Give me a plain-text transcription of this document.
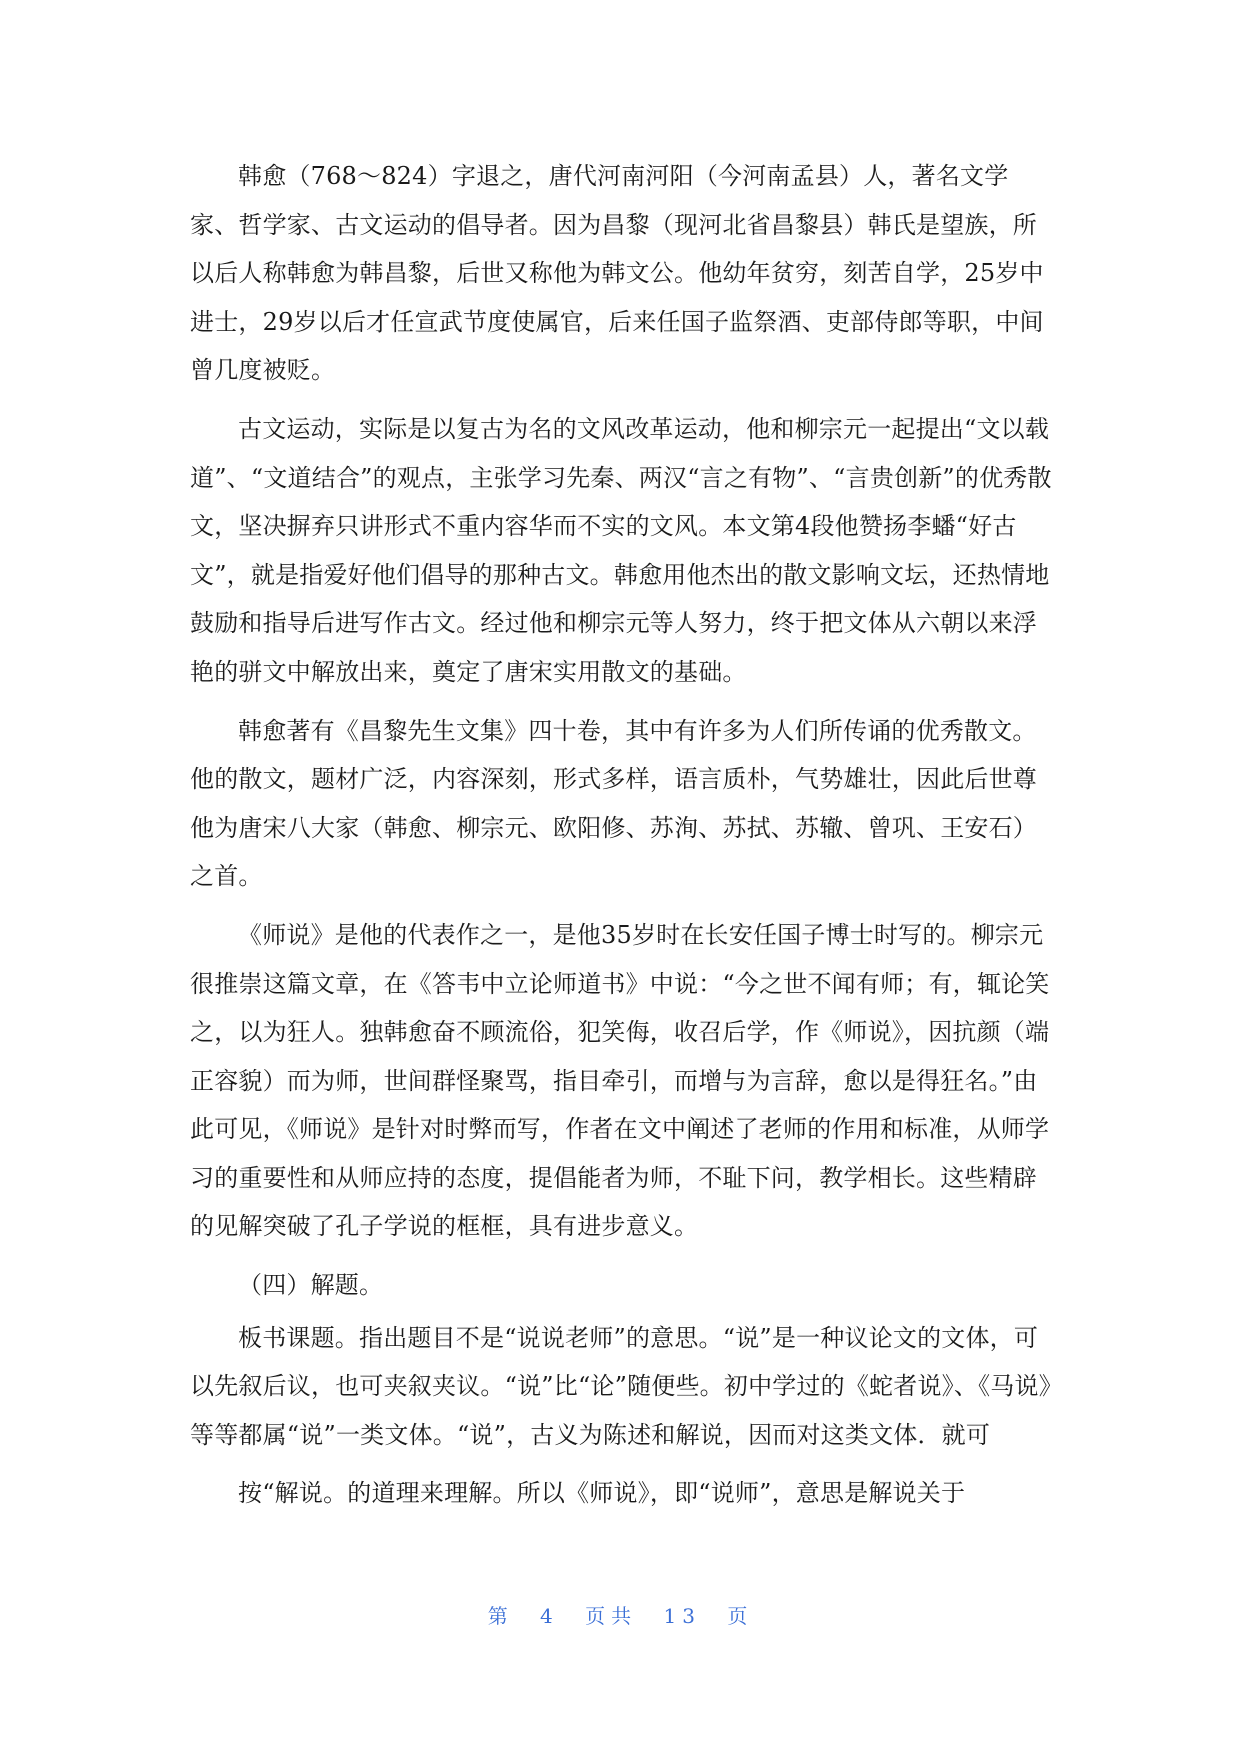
韩愈（768～824）字退之，唐代河南河阳（今河南孟县）人，著名文学家、哲学家、古文运动的倡导者。因为昌黎（现河北省昌黎县）韩氏是望族，所以后人称韩愈为韩昌黎，后世又称他为韩文公。他幼年贫穷，刻苦自学，25岁中进士，29岁以后才任宣武节度使属官，后来任国子监祭酒、吏部侍郎等职，中间曾几度被贬。

古文运动，实际是以复古为名的文风改革运动，他和柳宗元一起提出“文以载道”、“文道结合”的观点，主张学习先秦、两汉“言之有物”、“言贵创新”的优秀散文，坚决摒弃只讲形式不重内容华而不实的文风。本文第4段他赞扬李蟠“好古文”，就是指爱好他们倡导的那种古文。韩愈用他杰出的散文影响文坛，还热情地鼓励和指导后进写作古文。经过他和柳宗元等人努力，终于把文体从六朝以来浮艳的骈文中解放出来，奠定了唐宋实用散文的基础。

韩愈著有《昌黎先生文集》四十卷，其中有许多为人们所传诵的优秀散文。他的散文，题材广泛，内容深刻，形式多样，语言质朴，气势雄壮，因此后世尊他为唐宋八大家（韩愈、柳宗元、欧阳修、苏洵、苏拭、苏辙、曾巩、王安石）之首。

《师说》是他的代表作之一，是他35岁时在长安任国子博士时写的。柳宗元很推崇这篇文章，在《答韦中立论师道书》中说：“今之世不闻有师；有，辄论笑之，以为狂人。独韩愈奋不顾流俗，犯笑侮，收召后学，作《师说》，因抗颜（端正容貌）而为师，世间群怪聚骂，指目牵引，而增与为言辞，愈以是得狂名。”由此可见，《师说》是针对时弊而写，作者在文中阐述了老师的作用和标准，从师学习的重要性和从师应持的态度，提倡能者为师，不耻下问，教学相长。这些精辟的见解突破了孔子学说的框框，具有进步意义。

（四）解题。

板书课题。指出题目不是“说说老师”的意思。“说”是一种议论文的文体，可以先叙后议，也可夹叙夹议。“说”比“论”随便些。初中学过的《蛇者说》、《马说》等等都属“说”一类文体。“说”，古义为陈述和解说，因而对这类文体．就可

按“解说。的道理来理解。所以《师说》，即“说师”，意思是解说关于

第 4 页共 13 页
